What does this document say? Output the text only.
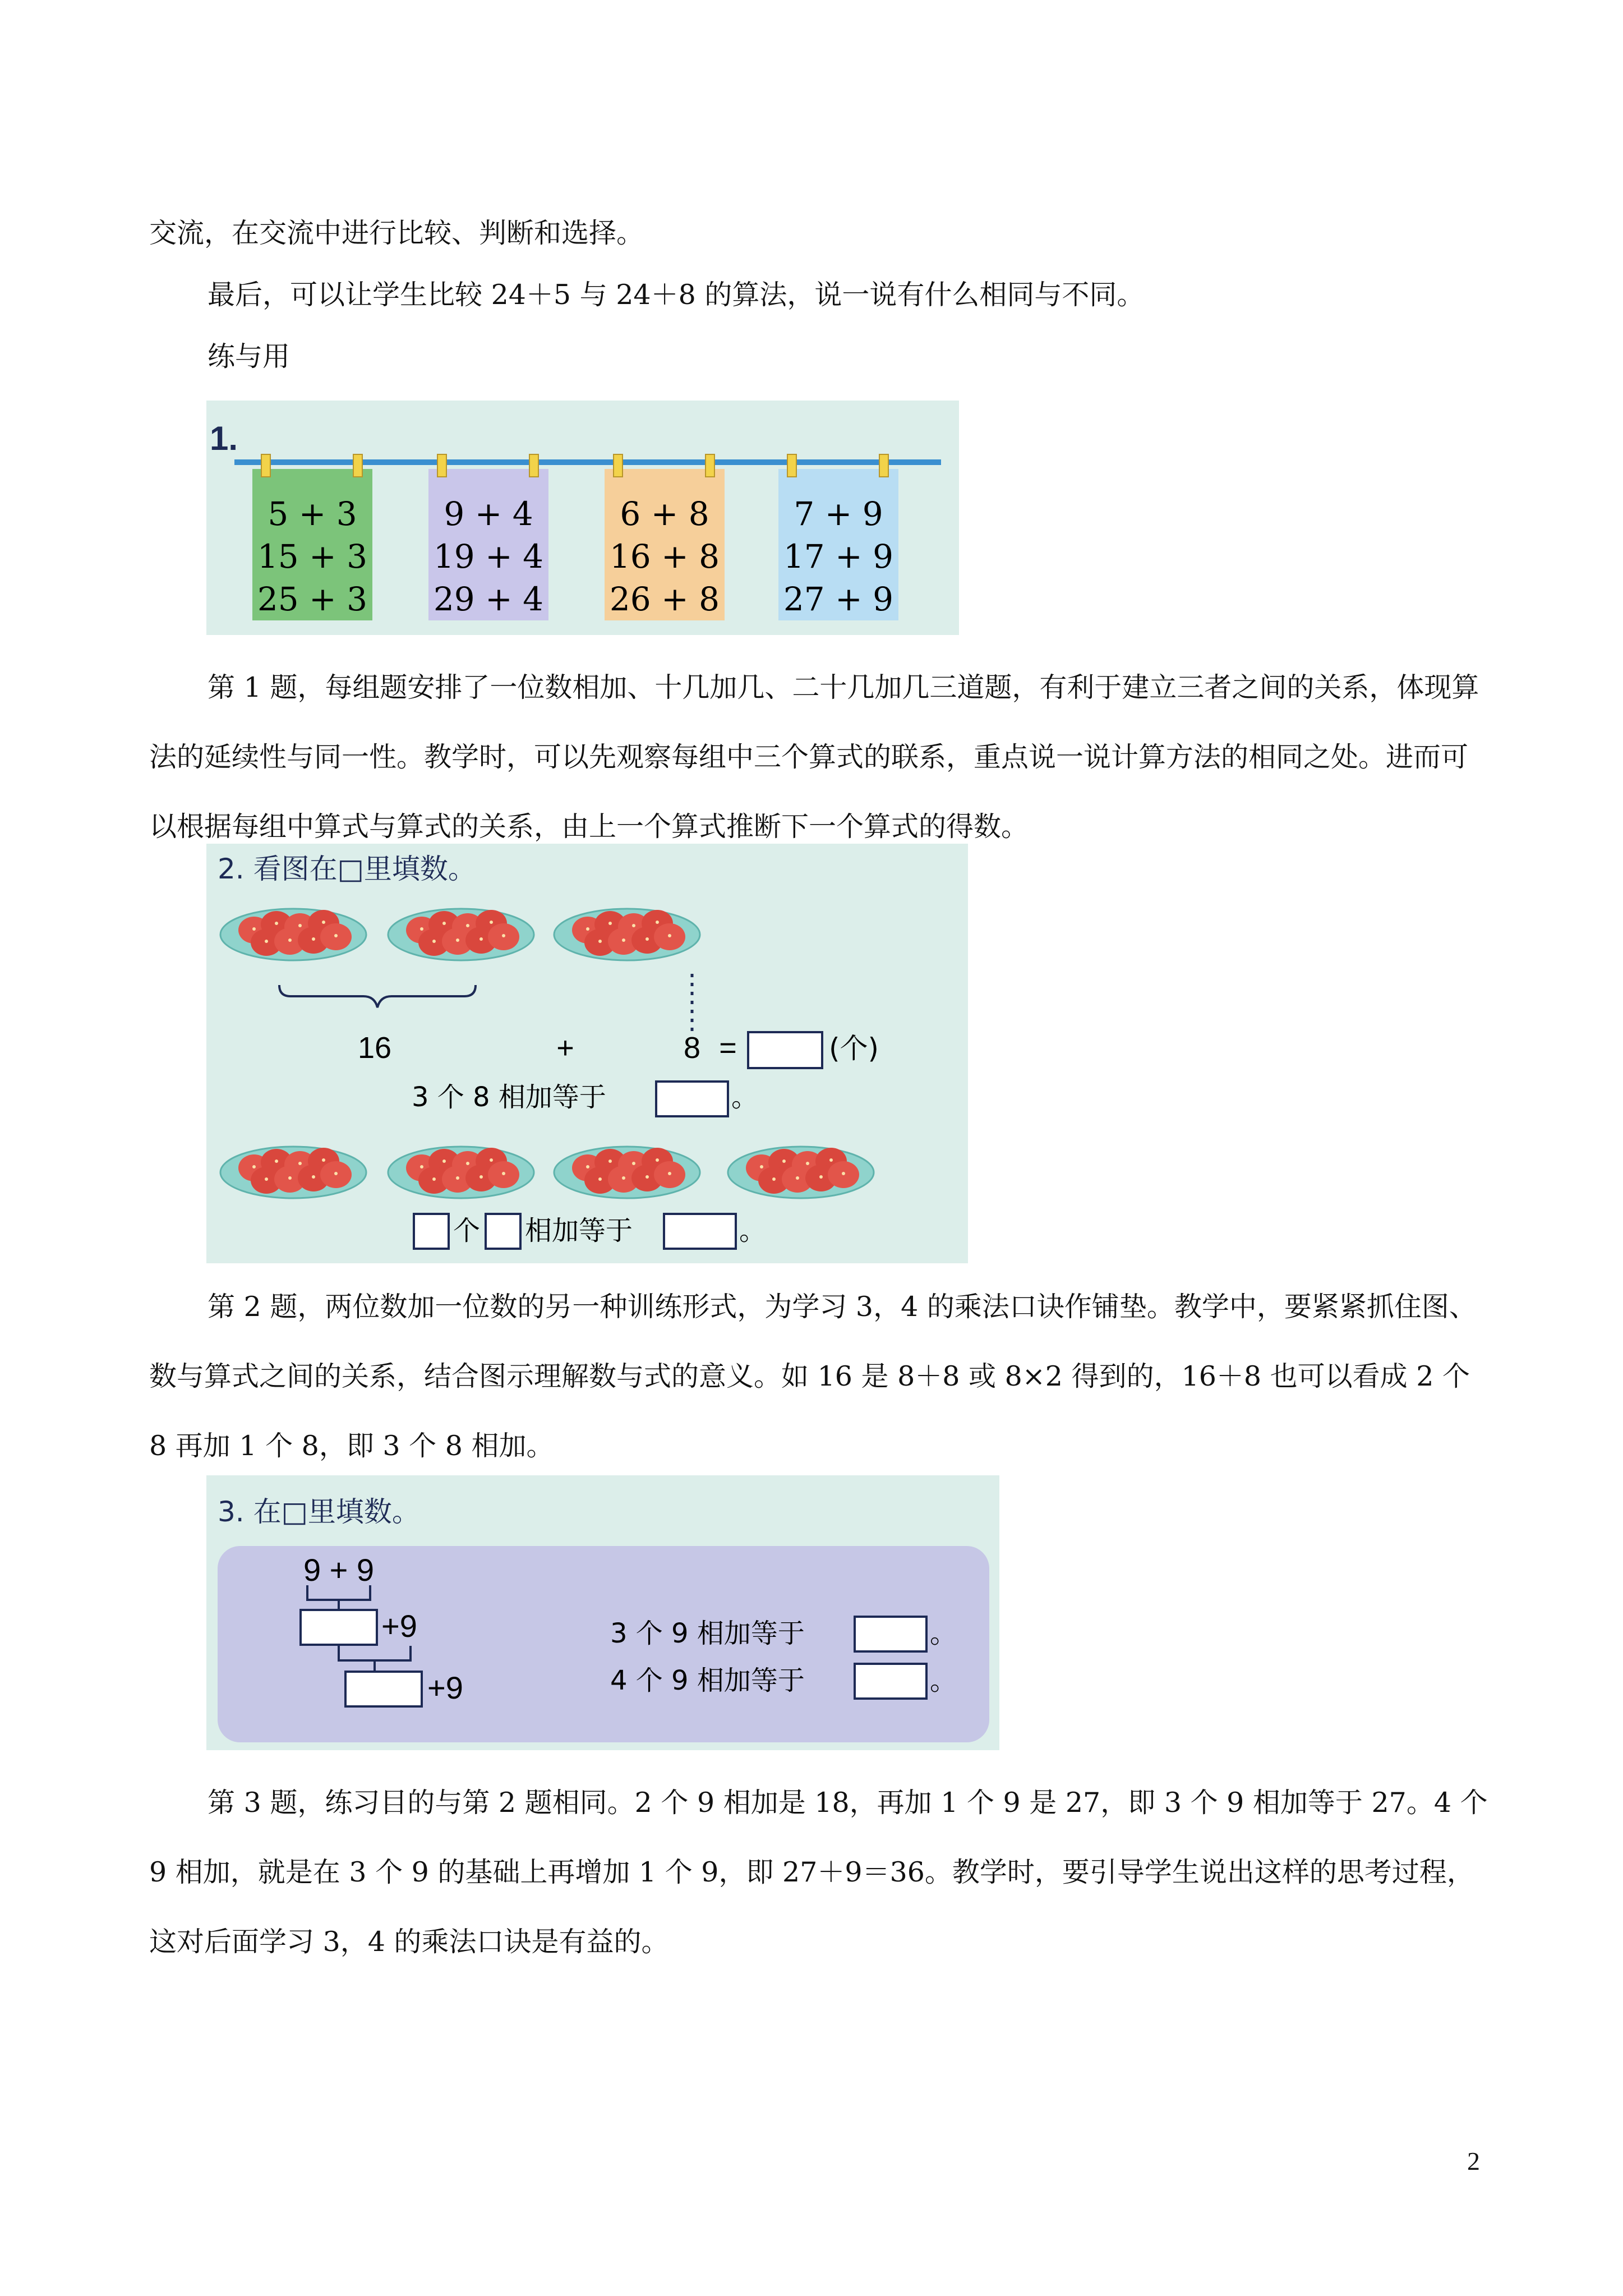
交流，在交流中进行比较、判断和选择。

最后，可以让学生比较 24＋5 与 24＋8 的算法，说一说有什么相同与不同。

练与用

1.
5 + 3
15 + 3
25 + 3
9 + 4
19 + 4
29 + 4
6 + 8
16 + 8
26 + 8
7 + 9
17 + 9
27 + 9

第 1 题，每组题安排了一位数相加、十几加几、二十几加几三道题，有利于建立三者之间的关系，体现算法的延续性与同一性。教学时，可以先观察每组中三个算式的联系，重点说一说计算方法的相同之处。进而可以根据每组中算式与算式的关系，由上一个算式推断下一个算式的得数。

2. 看图在□里填数。
16	+	8 =	(个)
3 个 8 相加等于	。
个 相加等于	。

第 2 题，两位数加一位数的另一种训练形式，为学习 3，4 的乘法口诀作铺垫。教学中，要紧紧抓住图、数与算式之间的关系，结合图示理解数与式的意义。如 16 是 8＋8 或 8×2 得到的，16＋8 也可以看成 2 个 8 再加 1 个 8，即 3 个 8 相加。

3. 在□里填数。
9 + 9
+9
+9
3 个 9 相加等于	。
4 个 9 相加等于	。

第 3 题，练习目的与第 2 题相同。2 个 9 相加是 18，再加 1 个 9 是 27，即 3 个 9 相加等于 27。4 个 9 相加，就是在 3 个 9 的基础上再增加 1 个 9，即 27＋9＝36。教学时，要引导学生说出这样的思考过程，这对后面学习 3，4 的乘法口诀是有益的。

2
